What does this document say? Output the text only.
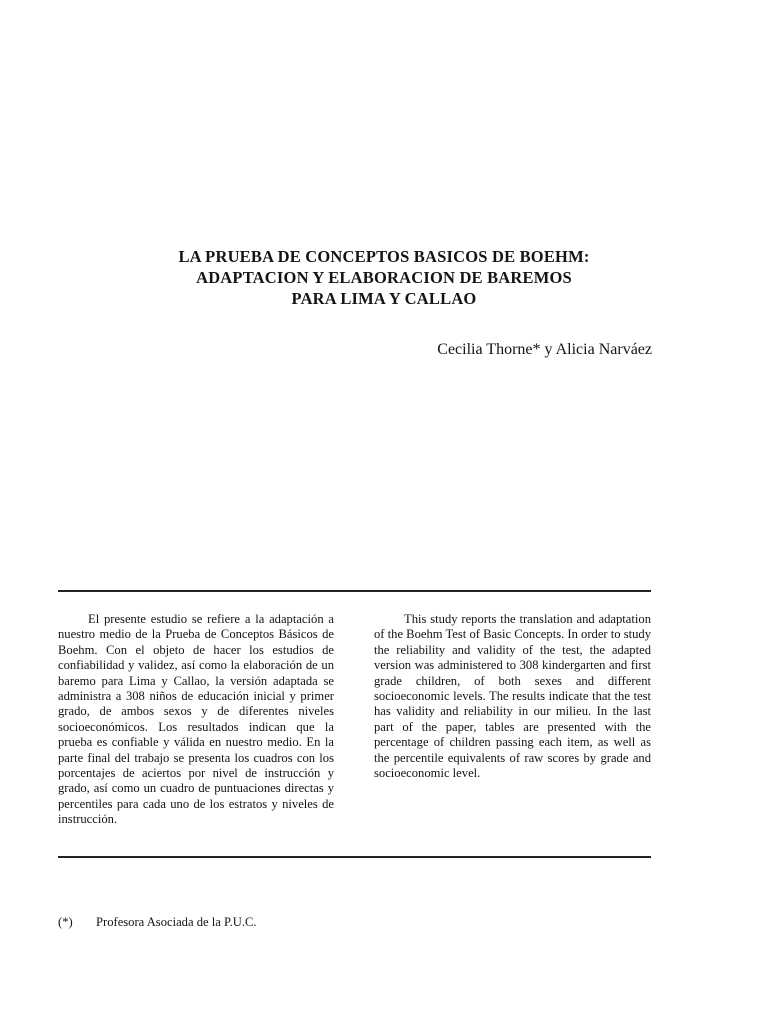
LA PRUEBA DE CONCEPTOS BASICOS DE BOEHM:
ADAPTACION Y ELABORACION DE BAREMOS
PARA LIMA Y CALLAO
Cecilia Thorne* y Alicia Narváez

El presente estudio se refiere a la adaptación a nuestro medio de la Prueba de Conceptos Básicos de Boehm. Con el objeto de hacer los estudios de confiabilidad y validez, así como la elaboración de un baremo para Lima y Callao, la versión adaptada se administra a 308 niños de educación inicial y primer grado, de ambos sexos y de diferentes niveles socioeconómicos. Los resultados indican que la prueba es confiable y válida en nuestro medio. En la parte final del trabajo se presenta los cuadros con los porcentajes de aciertos por nivel de instrucción y grado, así como un cuadro de puntuaciones directas y percentiles para cada uno de los estratos y niveles de instrucción.

This study reports the translation and adaptation of the Boehm Test of Basic Concepts. In order to study the reliability and validity of the test, the adapted version was administered to 308 kindergarten and first grade children, of both sexes and different socioeconomic levels. The results indicate that the test has validity and reliability in our milieu. In the last part of the paper, tables are presented with the percentage of children passing each item, as well as the percentile equivalents of raw scores by grade and socioeconomic level.

(*) Profesora Asociada de la P.U.C.
